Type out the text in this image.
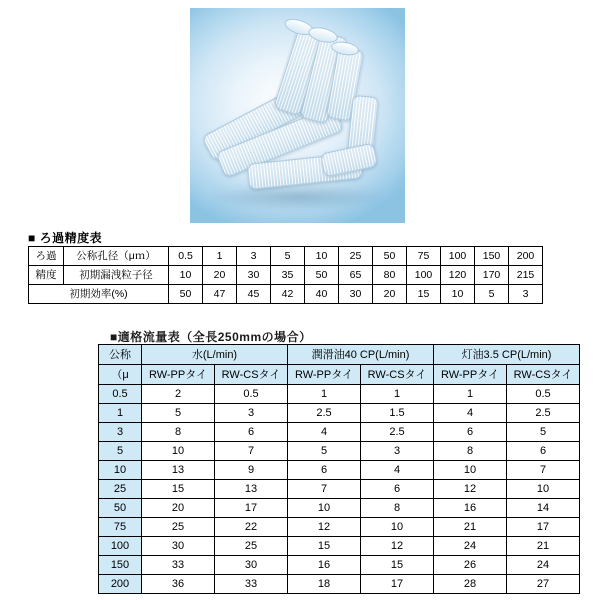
■ ろ過精度表
ろ過	公称孔径（μｍ）	0.5	1	3	5	10	25	50	75	100	150	200
精度	初期漏洩粒子径	10	20	30	35	50	65	80	100	120	170	215
初期効率(%)		50	47	45	42	40	30	20	15	10	5	3
■適格流量表（全長250mmの場合）
公称	水(L/min)		潤滑油40 CP(L/min)		灯油3.5 CP(L/min)	
（μ	RW-PPタイ	RW-CSタイ	RW-PPタイ	RW-CSタイ	RW-PPタイ	RW-CSタイ
0.5	2	0.5	1	1	1	0.5
1	5	3	2.5	1.5	4	2.5
3	8	6	4	2.5	6	5
5	10	7	5	3	8	6
10	13	9	6	4	10	7
25	15	13	7	6	12	10
50	20	17	10	8	16	14
75	25	22	12	10	21	17
100	30	25	15	12	24	21
150	33	30	16	15	26	24
200	36	33	18	17	28	27
